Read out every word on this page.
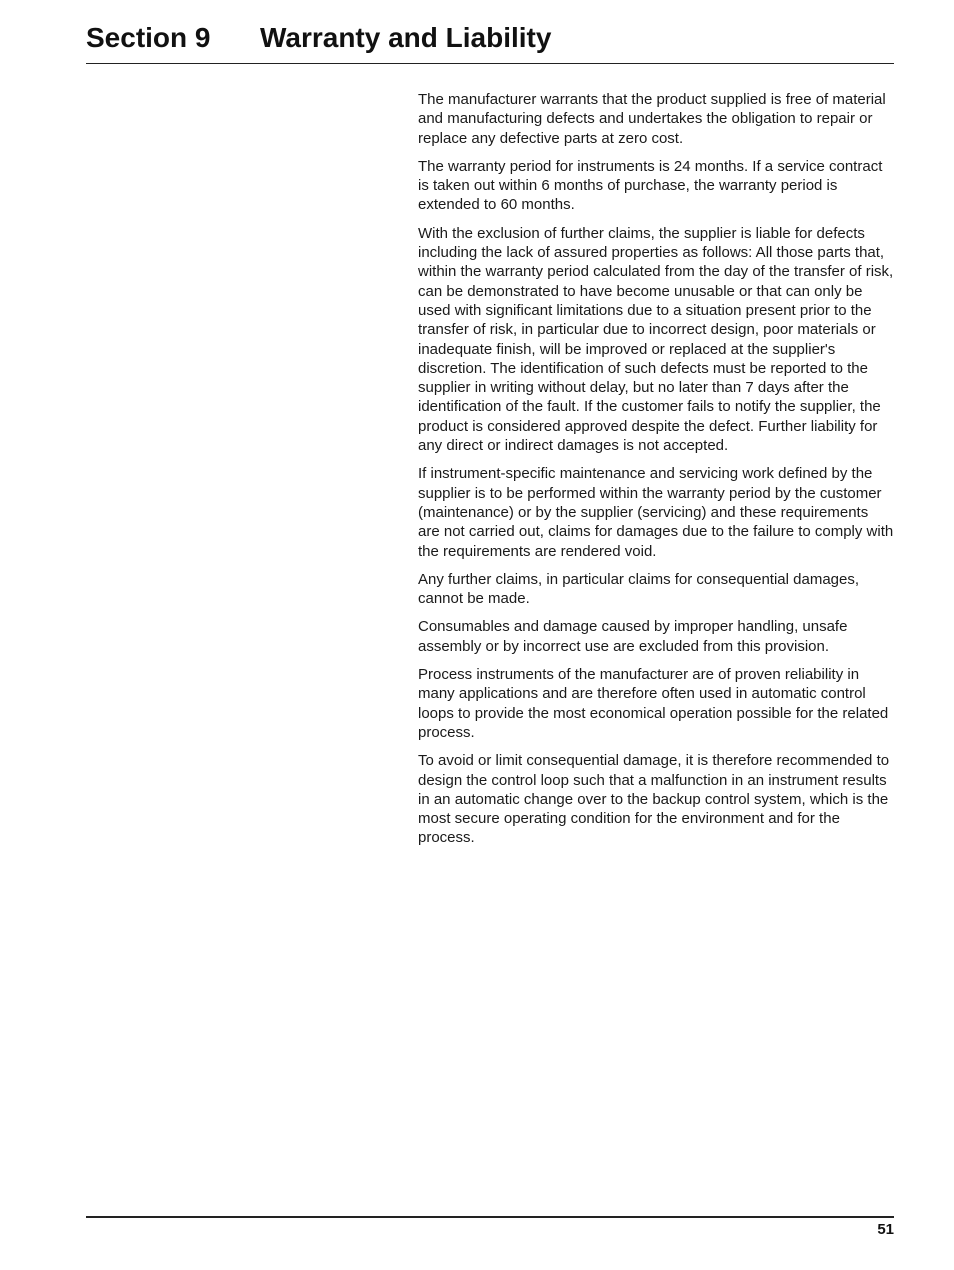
Section 9 Warranty and Liability

The manufacturer warrants that the product supplied is free of material and manufacturing defects and undertakes the obligation to repair or replace any defective parts at zero cost.

The warranty period for instruments is 24 months. If a service contract is taken out within 6 months of purchase, the warranty period is extended to 60 months.

With the exclusion of further claims, the supplier is liable for defects including the lack of assured properties as follows: All those parts that, within the warranty period calculated from the day of the transfer of risk, can be demonstrated to have become unusable or that can only be used with significant limitations due to a situation present prior to the transfer of risk, in particular due to incorrect design, poor materials or inadequate finish, will be improved or replaced at the supplier's discretion. The identification of such defects must be reported to the supplier in writing without delay, but no later than 7 days after the identification of the fault. If the customer fails to notify the supplier, the product is considered approved despite the defect. Further liability for any direct or indirect damages is not accepted.

If instrument-specific maintenance and servicing work defined by the supplier is to be performed within the warranty period by the customer (maintenance) or by the supplier (servicing) and these requirements are not carried out, claims for damages due to the failure to comply with the requirements are rendered void.

Any further claims, in particular claims for consequential damages, cannot be made.

Consumables and damage caused by improper handling, unsafe assembly or by incorrect use are excluded from this provision.

Process instruments of the manufacturer are of proven reliability in many applications and are therefore often used in automatic control loops to provide the most economical operation possible for the related process.

To avoid or limit consequential damage, it is therefore recommended to design the control loop such that a malfunction in an instrument results in an automatic change over to the backup control system, which is the most secure operating condition for the environment and for the process.

51
